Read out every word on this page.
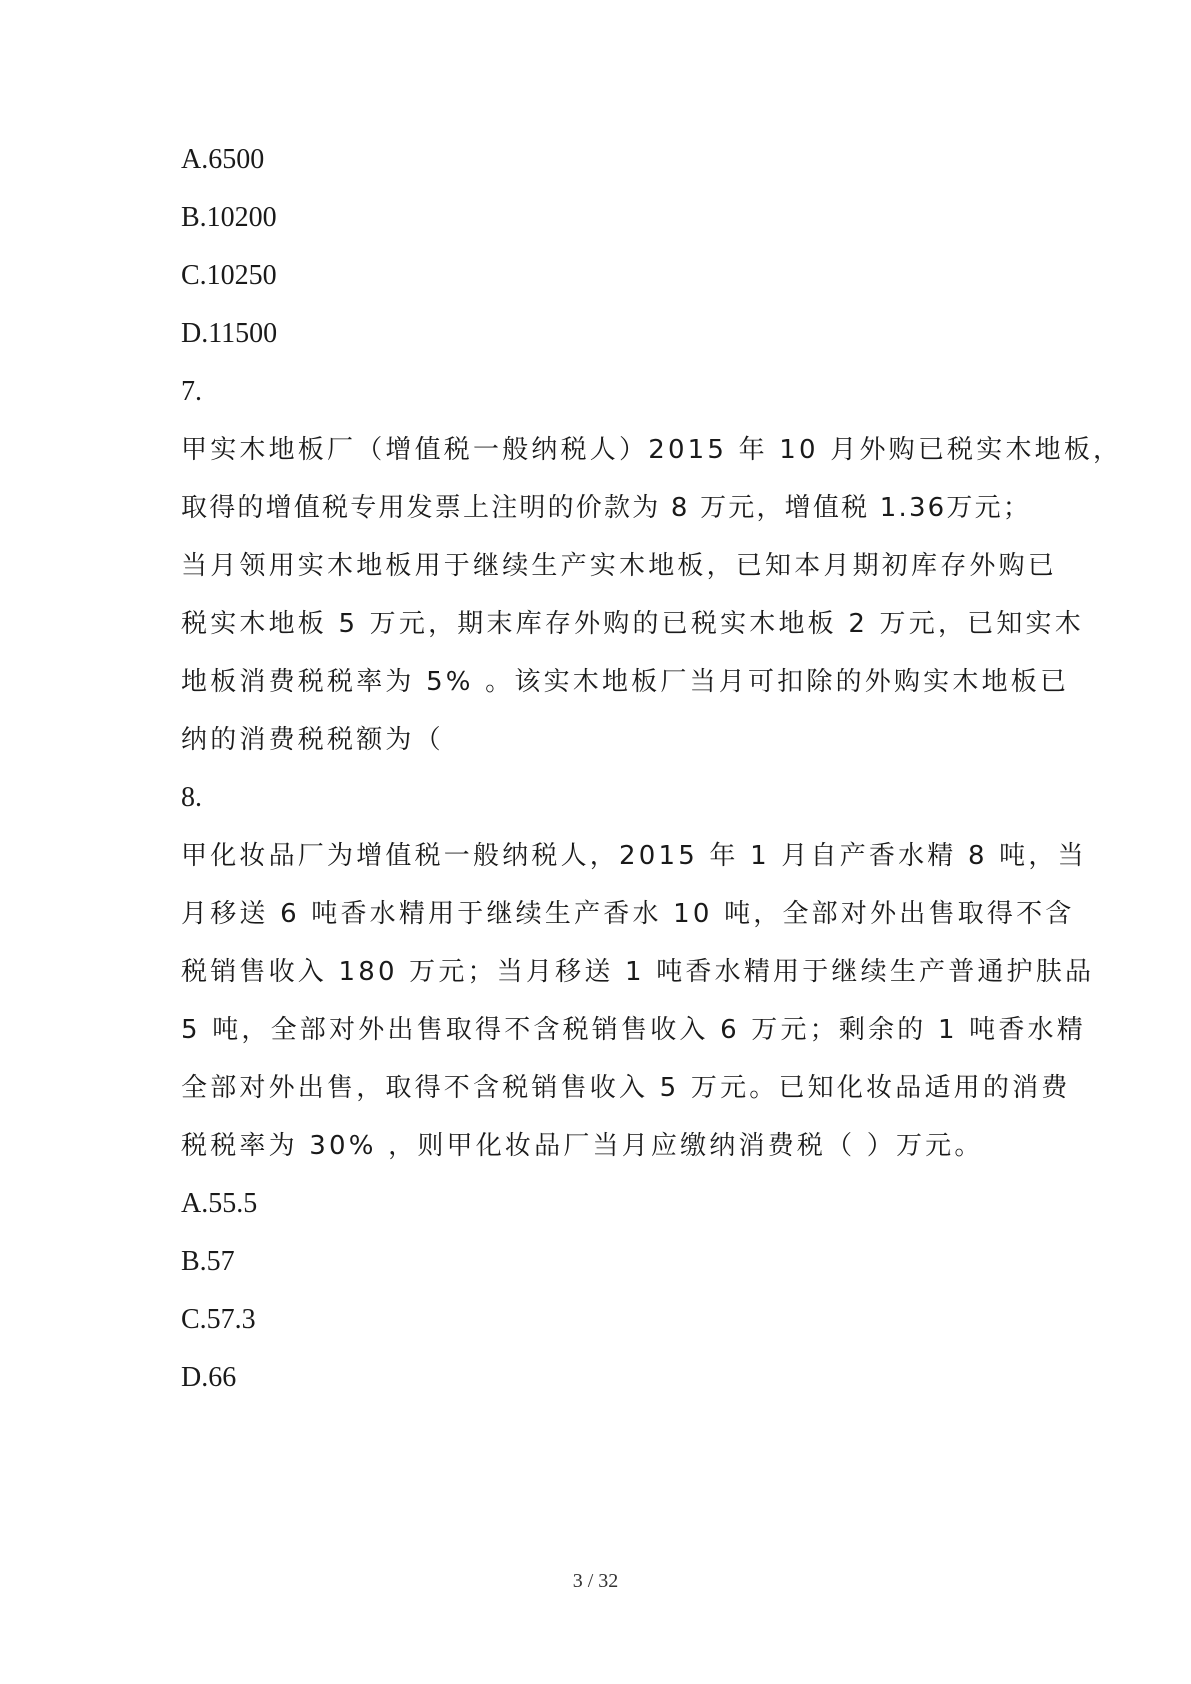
A.6500
B.10200
C.10250
D.11500
7.
甲实木地板厂（增值税一般纳税人）2015 年 10 月外购已税实木地板，
取得的增值税专用发票上注明的价款为 8 万元，增值税 1.36万元；
当月领用实木地板用于继续生产实木地板，已知本月期初库存外购已
税实木地板 5 万元，期末库存外购的已税实木地板 2 万元，已知实木
地板消费税税率为 5% 。该实木地板厂当月可扣除的外购实木地板已
纳的消费税税额为（
8.
甲化妆品厂为增值税一般纳税人，2015 年 1 月自产香水精 8 吨，当
月移送 6 吨香水精用于继续生产香水 10 吨，全部对外出售取得不含
税销售收入 180 万元；当月移送 1 吨香水精用于继续生产普通护肤品
5 吨，全部对外出售取得不含税销售收入 6 万元；剩余的 1 吨香水精
全部对外出售，取得不含税销售收入 5 万元。已知化妆品适用的消费
税税率为 30% ，则甲化妆品厂当月应缴纳消费税（ ）万元。
A.55.5
B.57
C.57.3
D.66
3 / 32
